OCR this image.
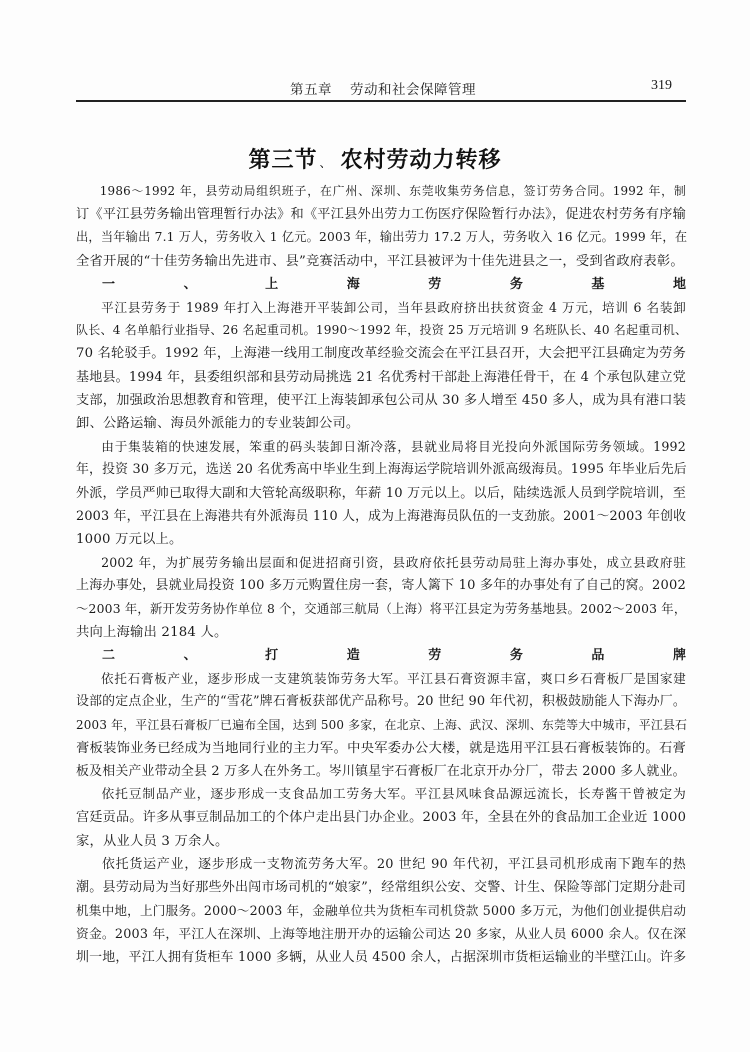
第五章 劳动和社会保障管理	319
第三节 、 农村劳动力转移
1986～1992 年，县劳动局组织班子，在广州、深圳、东莞收集劳务信息，签订劳务合同。1992 年，制
订《平江县劳务输出管理暂行办法》和《平江县外出劳力工伤医疗保险暂行办法》，促进农村劳务有序输
出，当年输出 7.1 万人，劳务收入 1 亿元。2003 年，输出劳力 17.2 万人，劳务收入 16 亿元。1999 年，在
全省开展的“十佳劳务输出先进市、县”竞赛活动中，平江县被评为十佳先进县之一，受到省政府表彰。
一、上海劳务基地
平江县劳务于 1989 年打入上海港开平装卸公司，当年县政府挤出扶贫资金 4 万元，培训 6 名装卸
队长、4 名单船行业指导、26 名起重司机。1990～1992 年，投资 25 万元培训 9 名班队长、40 名起重司机、
70 名轮驳手。1992 年，上海港一线用工制度改革经验交流会在平江县召开，大会把平江县确定为劳务
基地县。1994 年，县委组织部和县劳动局挑选 21 名优秀村干部赴上海港任骨干，在 4 个承包队建立党
支部，加强政治思想教育和管理，使平江上海装卸承包公司从 30 多人增至 450 多人，成为具有港口装
卸、公路运输、海员外派能力的专业装卸公司。
由于集装箱的快速发展，笨重的码头装卸日渐冷落，县就业局将目光投向外派国际劳务领域。1992
年，投资 30 多万元，选送 20 名优秀高中毕业生到上海海运学院培训外派高级海员。1995 年毕业后先后
外派，学员严帅已取得大副和大管轮高级职称，年薪 10 万元以上。以后，陆续选派人员到学院培训，至
2003 年，平江县在上海港共有外派海员 110 人，成为上海港海员队伍的一支劲旅。2001～2003 年创收
1000 万元以上。
2002 年，为扩展劳务输出层面和促进招商引资，县政府依托县劳动局驻上海办事处，成立县政府驻
上海办事处，县就业局投资 100 多万元购置住房一套，寄人篱下 10 多年的办事处有了自己的窝。2002
～2003 年，新开发劳务协作单位 8 个，交通部三航局（上海）将平江县定为劳务基地县。2002～2003 年，
共向上海输出 2184 人。
二、打造劳务品牌
依托石膏板产业，逐步形成一支建筑装饰劳务大军。平江县石膏资源丰富，爽口乡石膏板厂是国家建
设部的定点企业，生产的“雪花”牌石膏板获部优产品称号。20 世纪 90 年代初，积极鼓励能人下海办厂。
2003 年，平江县石膏板厂已遍布全国，达到 500 多家，在北京、上海、武汉、深圳、东莞等大中城市，平江县石
膏板装饰业务已经成为当地同行业的主力军。中央军委办公大楼，就是选用平江县石膏板装饰的。石膏
板及相关产业带动全县 2 万多人在外务工。岑川镇星宇石膏板厂在北京开办分厂，带去 2000 多人就业。
依托豆制品产业，逐步形成一支食品加工劳务大军。平江县风味食品源远流长，长寿酱干曾被定为
宫廷贡品。许多从事豆制品加工的个体户走出县门办企业。2003 年，全县在外的食品加工企业近 1000
家，从业人员 3 万余人。
依托货运产业，逐步形成一支物流劳务大军。20 世纪 90 年代初，平江县司机形成南下跑车的热
潮。县劳动局为当好那些外出闯市场司机的“娘家”，经常组织公安、交警、计生、保险等部门定期分赴司
机集中地，上门服务。2000～2003 年，金融单位共为货柜车司机贷款 5000 多万元，为他们创业提供启动
资金。2003 年，平江人在深圳、上海等地注册开办的运输公司达 20 多家，从业人员 6000 余人。仅在深
圳一地，平江人拥有货柜车 1000 多辆，从业人员 4500 余人，占据深圳市货柜运输业的半壁江山。许多
